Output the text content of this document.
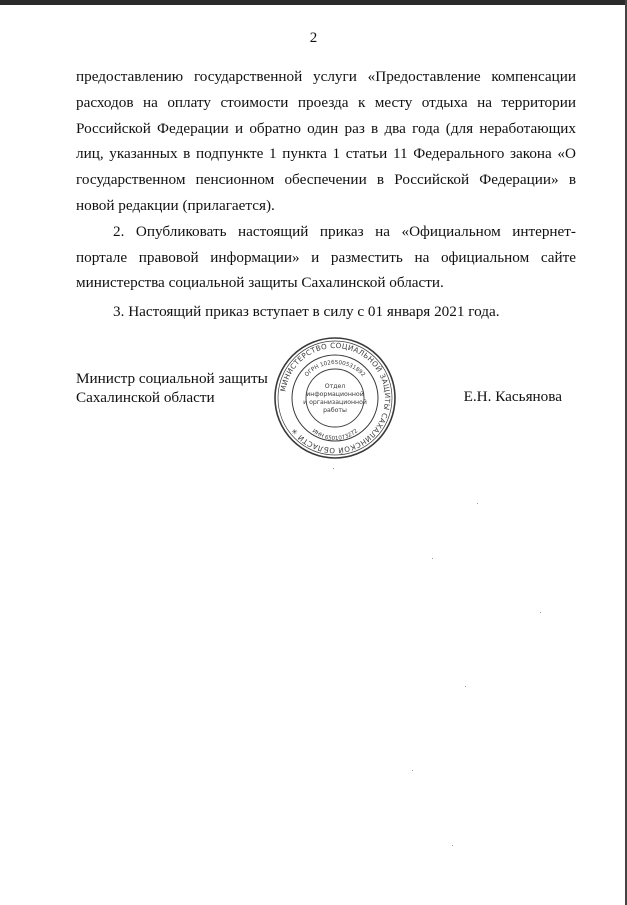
2

предоставлению государственной услуги «Предоставление компенсации расходов на оплату стоимости проезда к месту отдыха на территории Российской Федерации и обратно один раз в два года (для неработающих лиц, указанных в подпункте 1 пункта 1 статьи 11 Федерального закона «О государственном пенсионном обеспечении в Российской Федерации» в новой редакции (прилагается).

2. Опубликовать настоящий приказ на «Официальном интернет-портале правовой информации» и разместить на официальном сайте министерства социальной защиты Сахалинской области.

3. Настоящий приказ вступает в силу с 01 января 2021 года.

Министр социальной защиты
Сахалинской области
МИНИСТЕРСТВО СОЦИАЛЬНОЙ ЗАЩИТЫ САХАЛИНСКОЙ ОБЛАСТИ ✳
ОГРН 1026500531892
ИНН 6501073272
Отдел
информационной
и организационной
работы
Е.Н. Касьянова
